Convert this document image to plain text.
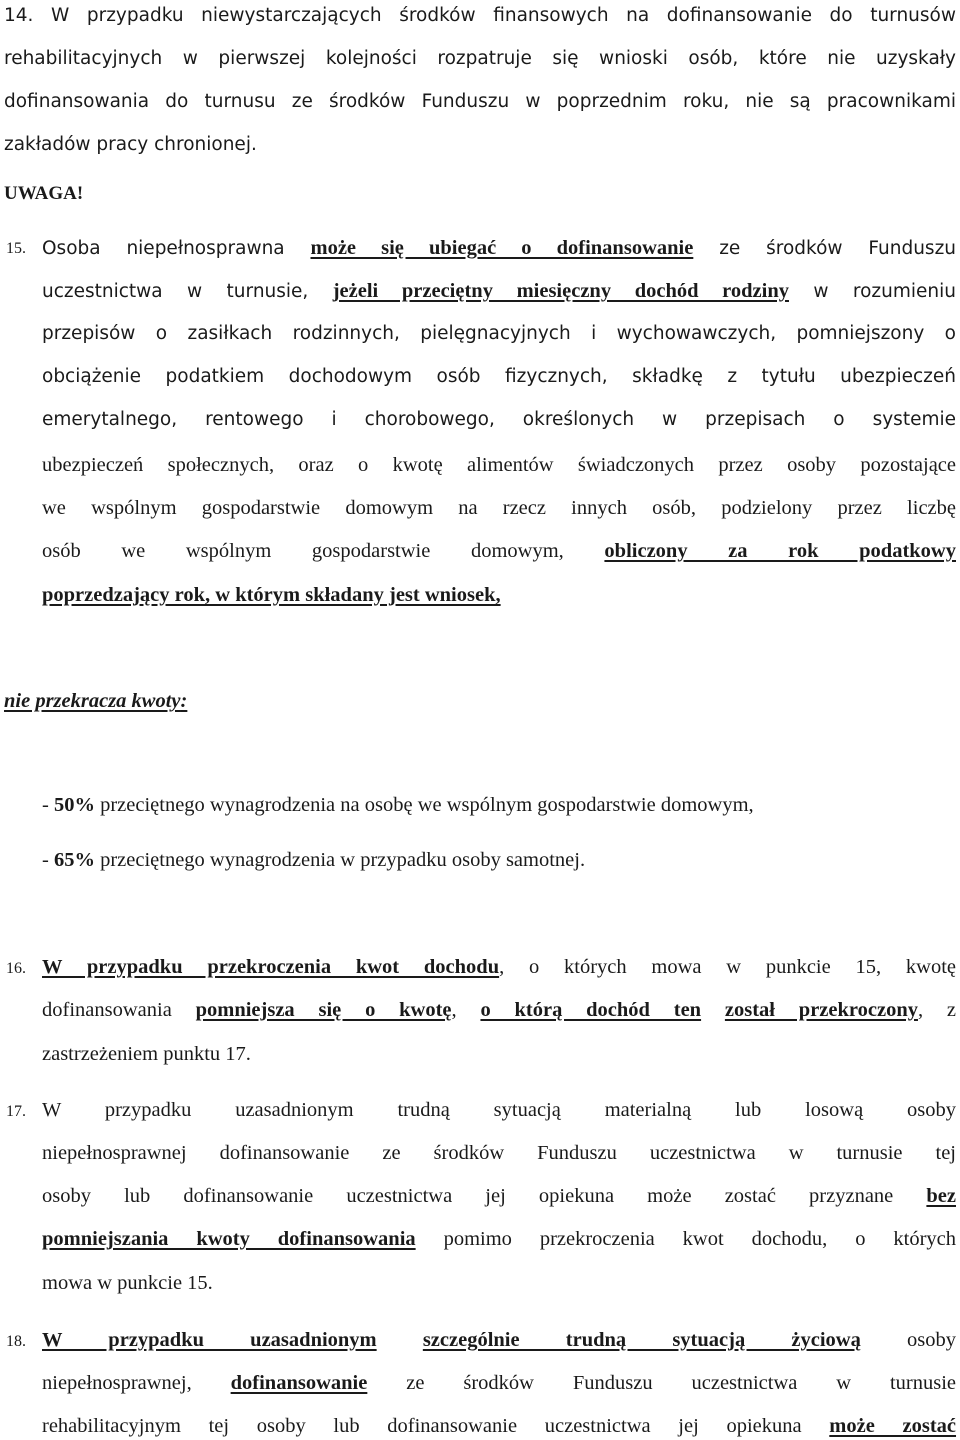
14. W przypadku niewystarczających środków finansowych na dofinansowanie do turnusów
rehabilitacyjnych w pierwszej kolejności rozpatruje się wnioski osób, które nie uzyskały
dofinansowania do turnusu ze środków Funduszu w poprzednim roku, nie są pracownikami
zakładów pracy chronionej.
UWAGA!
15. Osoba niepełnosprawna może się ubiegać o dofinansowanie ze środków Funduszu
uczestnictwa w turnusie, jeżeli przeciętny miesięczny dochód rodziny w rozumieniu
przepisów o zasiłkach rodzinnych, pielęgnacyjnych i wychowawczych, pomniejszony o
obciążenie podatkiem dochodowym osób fizycznych, składkę z tytułu ubezpieczeń
emerytalnego, rentowego i chorobowego, określonych w przepisach o systemie
ubezpieczeń społecznych, oraz o kwotę alimentów świadczonych przez osoby pozostające
we wspólnym gospodarstwie domowym na rzecz innych osób, podzielony przez liczbę
osób we wspólnym gospodarstwie domowym, obliczony za rok podatkowy
poprzedzający rok, w którym składany jest wniosek,
nie przekracza kwoty:
- 50% przeciętnego wynagrodzenia na osobę we wspólnym gospodarstwie domowym,
- 65% przeciętnego wynagrodzenia w przypadku osoby samotnej.
16. W przypadku przekroczenia kwot dochodu, o których mowa w punkcie 15, kwotę
dofinansowania pomniejsza się o kwotę, o którą dochód ten został przekroczony, z
zastrzeżeniem punktu 17.
17. W przypadku uzasadnionym trudną sytuacją materialną lub losową osoby
niepełnosprawnej dofinansowanie ze środków Funduszu uczestnictwa w turnusie tej
osoby lub dofinansowanie uczestnictwa jej opiekuna może zostać przyznane bez
pomniejszania kwoty dofinansowania pomimo przekroczenia kwot dochodu, o których
mowa w punkcie 15.
18. W przypadku uzasadnionym szczególnie trudną sytuacją życiową osoby
niepełnosprawnej, dofinansowanie ze środków Funduszu uczestnictwa w turnusie
rehabilitacyjnym tej osoby lub dofinansowanie uczestnictwa jej opiekuna może zostać
